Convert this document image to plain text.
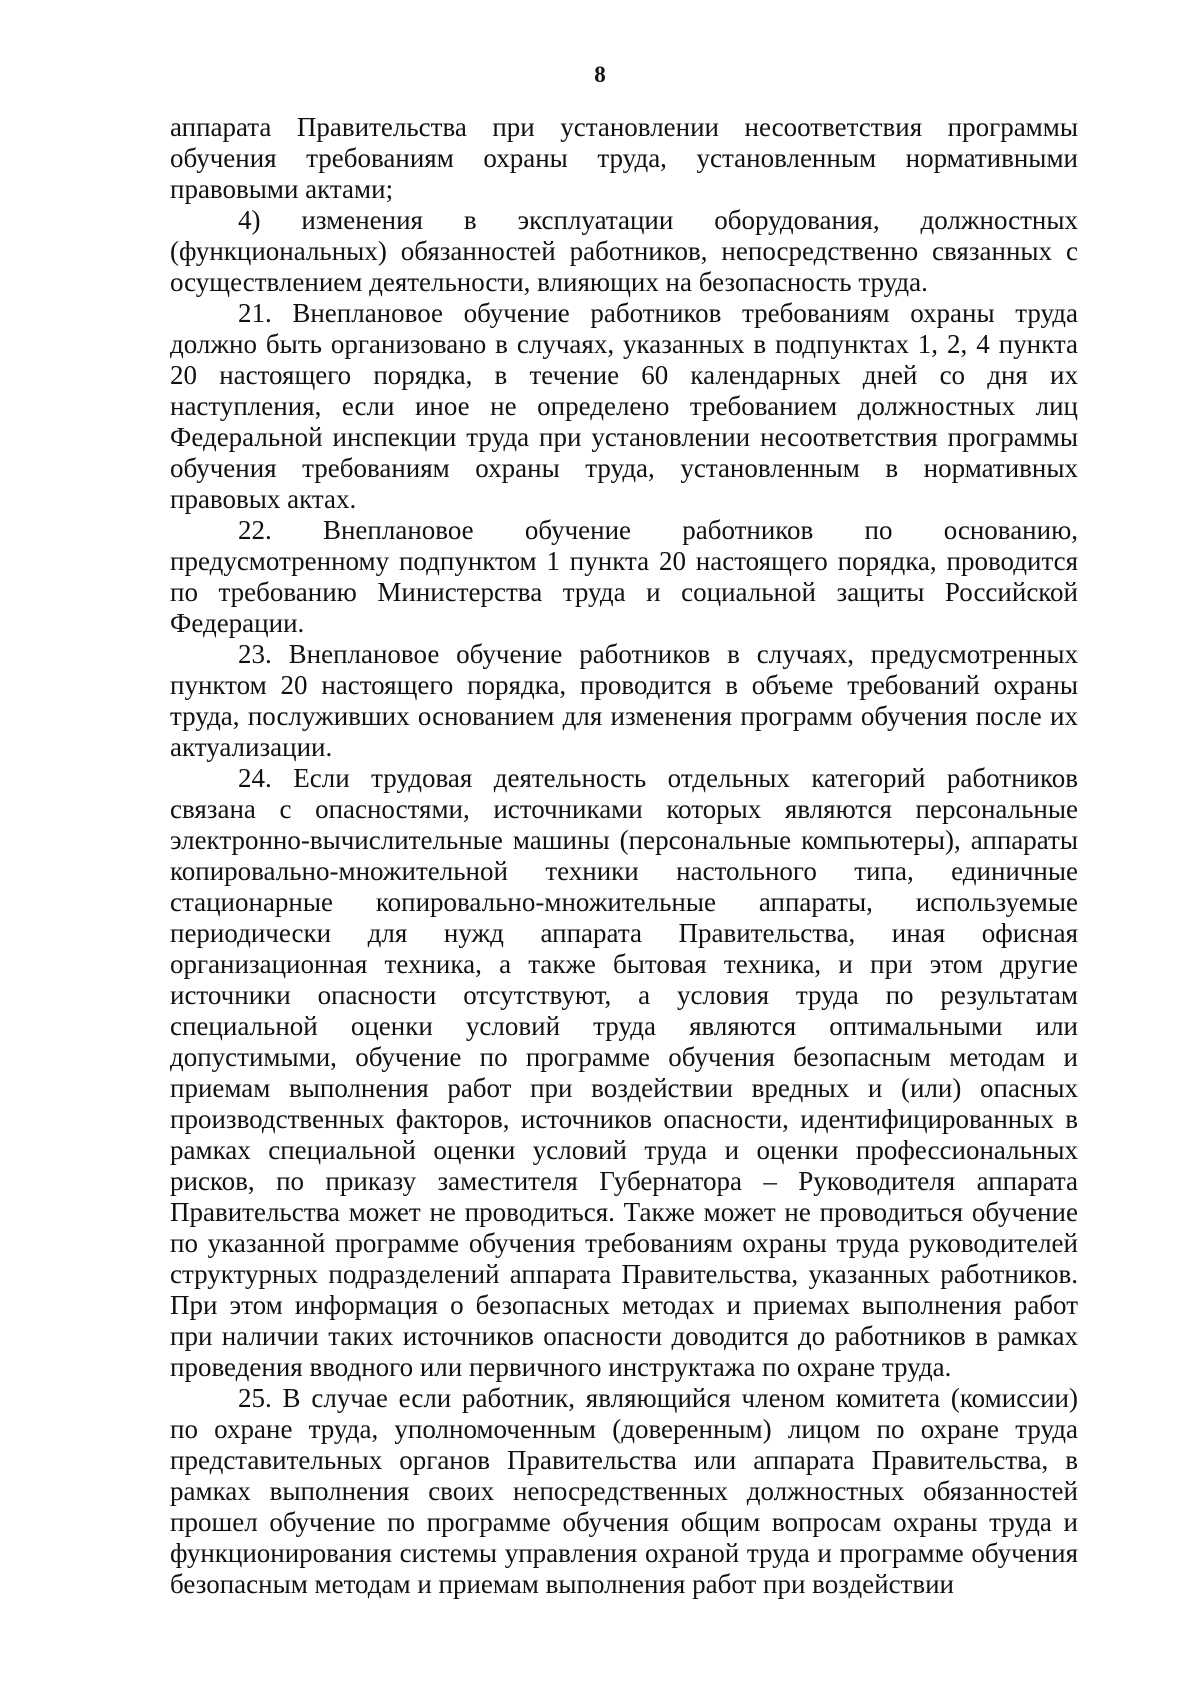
8

аппарата Правительства при установлении несоответствия программы обучения требованиям охраны труда, установленным нормативными правовыми актами;

4) изменения в эксплуатации оборудования, должностных (функциональных) обязанностей работников, непосредственно связанных с осуществлением деятельности, влияющих на безопасность труда.

21. Внеплановое обучение работников требованиям охраны труда должно быть организовано в случаях, указанных в подпунктах 1, 2, 4 пункта 20 настоящего порядка, в течение 60 календарных дней со дня их наступления, если иное не определено требованием должностных лиц Федеральной инспекции труда при установлении несоответствия программы обучения требованиям охраны труда, установленным в нормативных правовых актах.

22. Внеплановое обучение работников по основанию, предусмотренному подпунктом 1 пункта 20 настоящего порядка, проводится по требованию Министерства труда и социальной защиты Российской Федерации.

23. Внеплановое обучение работников в случаях, предусмотренных пунктом 20 настоящего порядка, проводится в объеме требований охраны труда, послуживших основанием для изменения программ обучения после их актуализации.

24. Если трудовая деятельность отдельных категорий работников связана с опасностями, источниками которых являются персональные электронно-вычислительные машины (персональные компьютеры), аппараты копировально-множительной техники настольного типа, единичные стационарные копировально-множительные аппараты, используемые периодически для нужд аппарата Правительства, иная офисная организационная техника, а также бытовая техника, и при этом другие источники опасности отсутствуют, а условия труда по результатам специальной оценки условий труда являются оптимальными или допустимыми, обучение по программе обучения безопасным методам и приемам выполнения работ при воздействии вредных и (или) опасных производственных факторов, источников опасности, идентифицированных в рамках специальной оценки условий труда и оценки профессиональных рисков, по приказу заместителя Губернатора – Руководителя аппарата Правительства может не проводиться. Также может не проводиться обучение по указанной программе обучения требованиям охраны труда руководителей структурных подразделений аппарата Правительства, указанных работников. При этом информация о безопасных методах и приемах выполнения работ при наличии таких источников опасности доводится до работников в рамках проведения вводного или первичного инструктажа по охране труда.

25. В случае если работник, являющийся членом комитета (комиссии) по охране труда, уполномоченным (доверенным) лицом по охране труда представительных органов Правительства или аппарата Правительства, в рамках выполнения своих непосредственных должностных обязанностей прошел обучение по программе обучения общим вопросам охраны труда и функционирования системы управления охраной труда и программе обучения безопасным методам и приемам выполнения работ при воздействии
